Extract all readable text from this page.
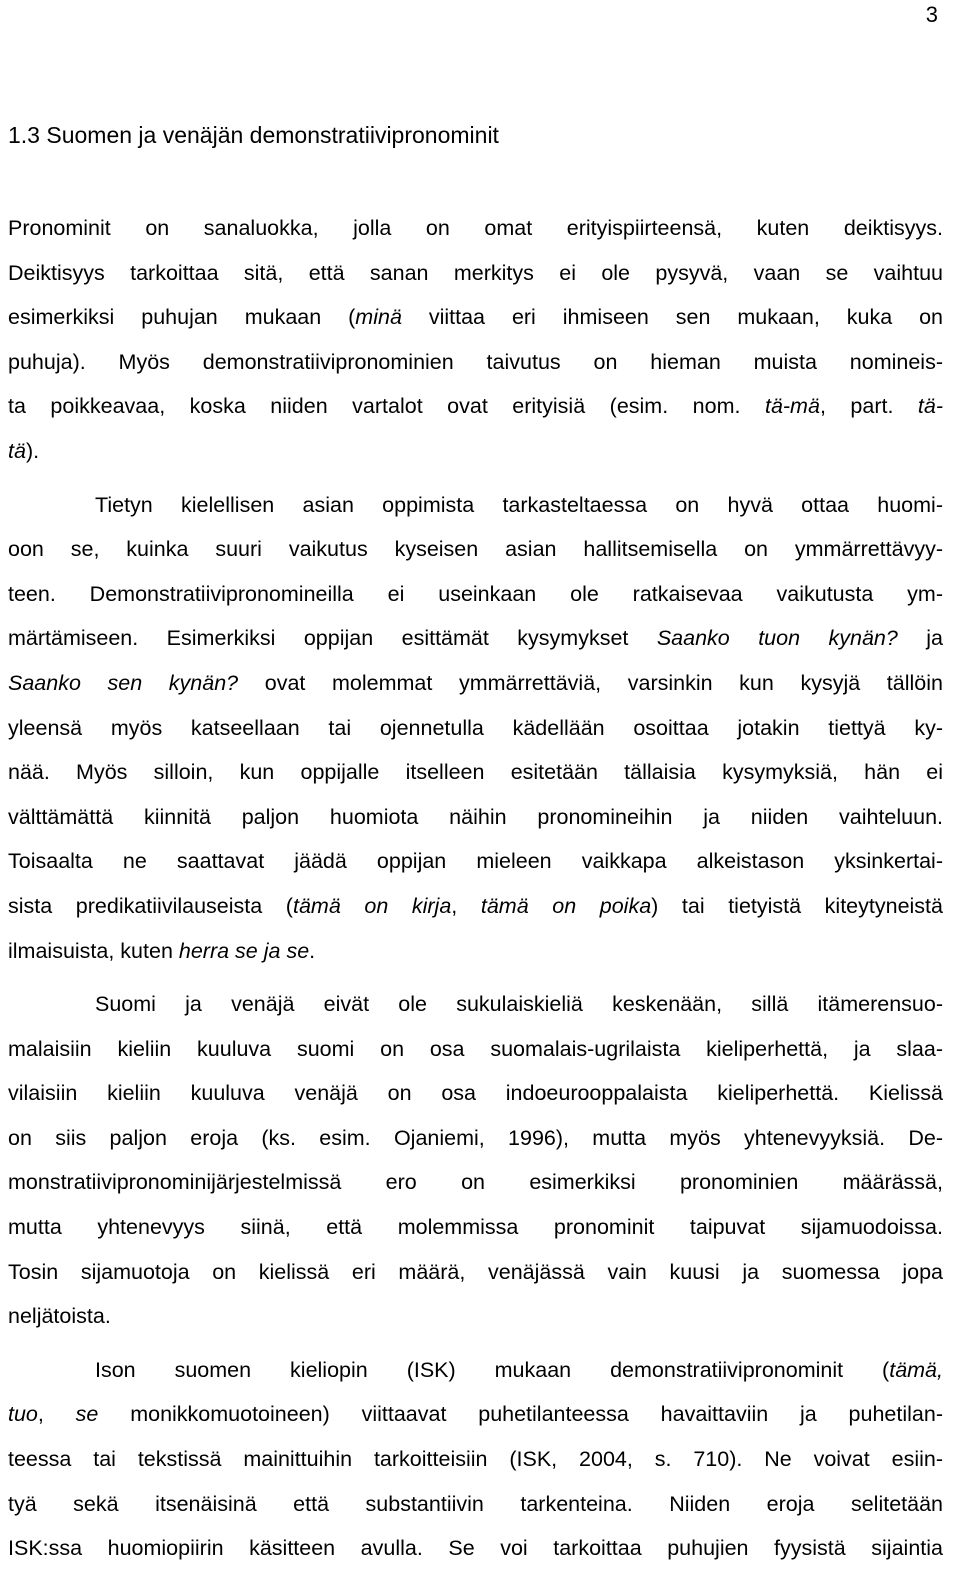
3
1.3 Suomen ja venäjän demonstratiivipronominit
Pronominit on sanaluokka, jolla on omat erityispiirteensä, kuten deiktisyys.
Deiktisyys tarkoittaa sitä, että sanan merkitys ei ole pysyvä, vaan se vaihtuu
esimerkiksi puhujan mukaan (minä viittaa eri ihmiseen sen mukaan, kuka on
puhuja). Myös demonstratiivipronominien taivutus on hieman muista nomineis-
ta poikkeavaa, koska niiden vartalot ovat erityisiä (esim. nom. tä-mä, part. tä-
tä).
Tietyn kielellisen asian oppimista tarkasteltaessa on hyvä ottaa huomi-
oon se, kuinka suuri vaikutus kyseisen asian hallitsemisella on ymmärrettävyy-
teen. Demonstratiivipronomineilla ei useinkaan ole ratkaisevaa vaikutusta ym-
märtämiseen. Esimerkiksi oppijan esittämät kysymykset Saanko tuon kynän? ja
Saanko sen kynän? ovat molemmat ymmärrettäviä, varsinkin kun kysyjä tällöin
yleensä myös katseellaan tai ojennetulla kädellään osoittaa jotakin tiettyä ky-
nää. Myös silloin, kun oppijalle itselleen esitetään tällaisia kysymyksiä, hän ei
välttämättä kiinnitä paljon huomiota näihin pronomineihin ja niiden vaihteluun.
Toisaalta ne saattavat jäädä oppijan mieleen vaikkapa alkeistason yksinkertai-
sista predikatiivilauseista (tämä on kirja, tämä on poika) tai tietyistä kiteytyneistä
ilmaisuista, kuten herra se ja se.
Suomi ja venäjä eivät ole sukulaiskieliä keskenään, sillä itämerensuo-
malaisiin kieliin kuuluva suomi on osa suomalais-ugrilaista kieliperhettä, ja slaa-
vilaisiin kieliin kuuluva venäjä on osa indoeurooppalaista kieliperhettä. Kielissä
on siis paljon eroja (ks. esim. Ojaniemi, 1996), mutta myös yhtenevyyksiä. De-
monstratiivipronominijärjestelmissä ero on esimerkiksi pronominien määrässä,
mutta yhtenevyys siinä, että molemmissa pronominit taipuvat sijamuodoissa.
Tosin sijamuotoja on kielissä eri määrä, venäjässä vain kuusi ja suomessa jopa
neljätoista.
Ison suomen kieliopin (ISK) mukaan demonstratiivipronominit (tämä,
tuo, se monikkomuotoineen) viittaavat puhetilanteessa havaittaviin ja puhetilan-
teessa tai tekstissä mainittuihin tarkoitteisiin (ISK, 2004, s. 710). Ne voivat esiin-
tyä sekä itsenäisinä että substantiivin tarkenteina. Niiden eroja selitetään
ISK:ssa huomiopiirin käsitteen avulla. Se voi tarkoittaa puhujien fyysistä sijaintia
